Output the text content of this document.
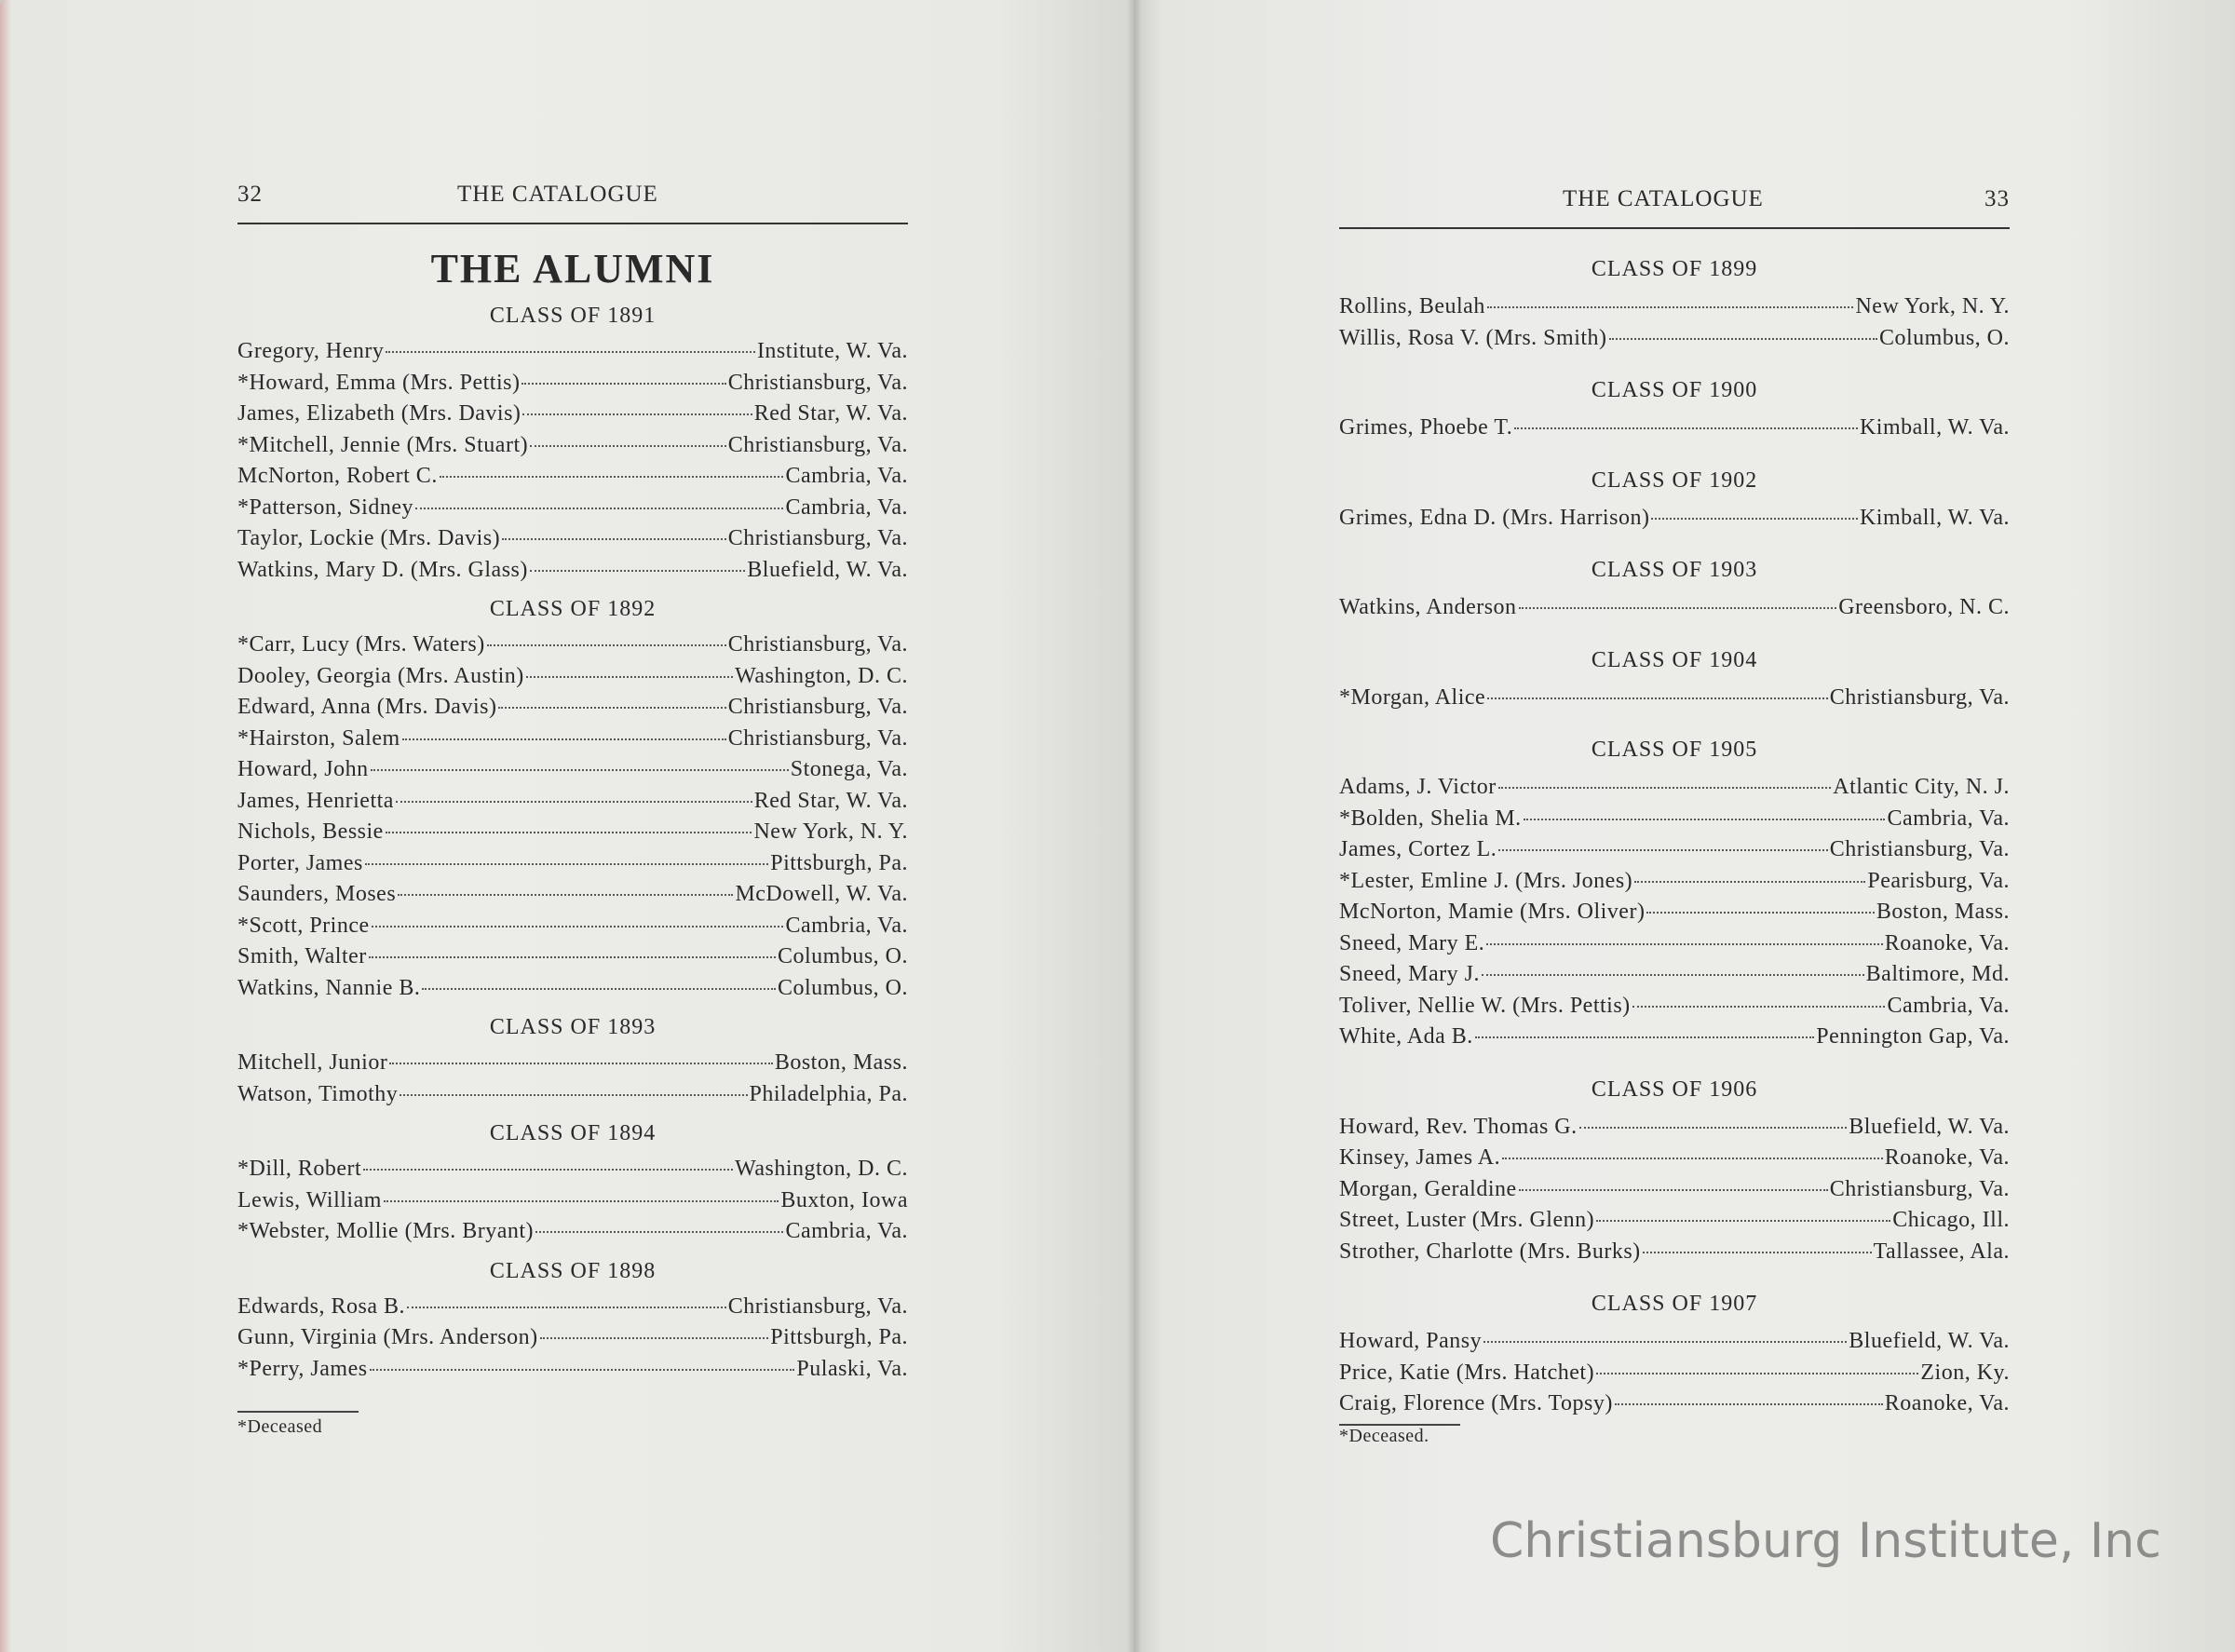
32	THE CATALOGUE
THE ALUMNI
CLASS OF 1891
Gregory, Henry	Institute, W. Va.
*Howard, Emma (Mrs. Pettis)	Christiansburg, Va.
James, Elizabeth (Mrs. Davis)	Red Star, W. Va.
*Mitchell, Jennie (Mrs. Stuart)	Christiansburg, Va.
McNorton, Robert C.	Cambria, Va.
*Patterson, Sidney	Cambria, Va.
Taylor, Lockie (Mrs. Davis)	Christiansburg, Va.
Watkins, Mary D. (Mrs. Glass)	Bluefield, W. Va.
CLASS OF 1892
*Carr, Lucy (Mrs. Waters)	Christiansburg, Va.
Dooley, Georgia (Mrs. Austin)	Washington, D. C.
Edward, Anna (Mrs. Davis)	Christiansburg, Va.
*Hairston, Salem	Christiansburg, Va.
Howard, John	Stonega, Va.
James, Henrietta	Red Star, W. Va.
Nichols, Bessie	New York, N. Y.
Porter, James	Pittsburgh, Pa.
Saunders, Moses	McDowell, W. Va.
*Scott, Prince	Cambria, Va.
Smith, Walter	Columbus, O.
Watkins, Nannie B.	Columbus, O.
CLASS OF 1893
Mitchell, Junior	Boston, Mass.
Watson, Timothy	Philadelphia, Pa.
CLASS OF 1894
*Dill, Robert	Washington, D. C.
Lewis, William	Buxton, Iowa
*Webster, Mollie (Mrs. Bryant)	Cambria, Va.
CLASS OF 1898
Edwards, Rosa B.	Christiansburg, Va.
Gunn, Virginia (Mrs. Anderson)	Pittsburgh, Pa.
*Perry, James	Pulaski, Va.
*Deceased
THE CATALOGUE	33
CLASS OF 1899
Rollins, Beulah	New York, N. Y.
Willis, Rosa V. (Mrs. Smith)	Columbus, O.
CLASS OF 1900
Grimes, Phoebe T.	Kimball, W. Va.
CLASS OF 1902
Grimes, Edna D. (Mrs. Harrison)	Kimball, W. Va.
CLASS OF 1903
Watkins, Anderson	Greensboro, N. C.
CLASS OF 1904
*Morgan, Alice	Christiansburg, Va.
CLASS OF 1905
Adams, J. Victor	Atlantic City, N. J.
*Bolden, Shelia M.	Cambria, Va.
James, Cortez L.	Christiansburg, Va.
*Lester, Emline J. (Mrs. Jones)	Pearisburg, Va.
McNorton, Mamie (Mrs. Oliver)	Boston, Mass.
Sneed, Mary E.	Roanoke, Va.
Sneed, Mary J.	Baltimore, Md.
Toliver, Nellie W. (Mrs. Pettis)	Cambria, Va.
White, Ada B.	Pennington Gap, Va.
CLASS OF 1906
Howard, Rev. Thomas G.	Bluefield, W. Va.
Kinsey, James A.	Roanoke, Va.
Morgan, Geraldine	Christiansburg, Va.
Street, Luster (Mrs. Glenn)	Chicago, Ill.
Strother, Charlotte (Mrs. Burks)	Tallassee, Ala.
CLASS OF 1907
Howard, Pansy	Bluefield, W. Va.
Price, Katie (Mrs. Hatchet)	Zion, Ky.
Craig, Florence (Mrs. Topsy)	Roanoke, Va.
*Deceased.
Christiansburg Institute, Inc
